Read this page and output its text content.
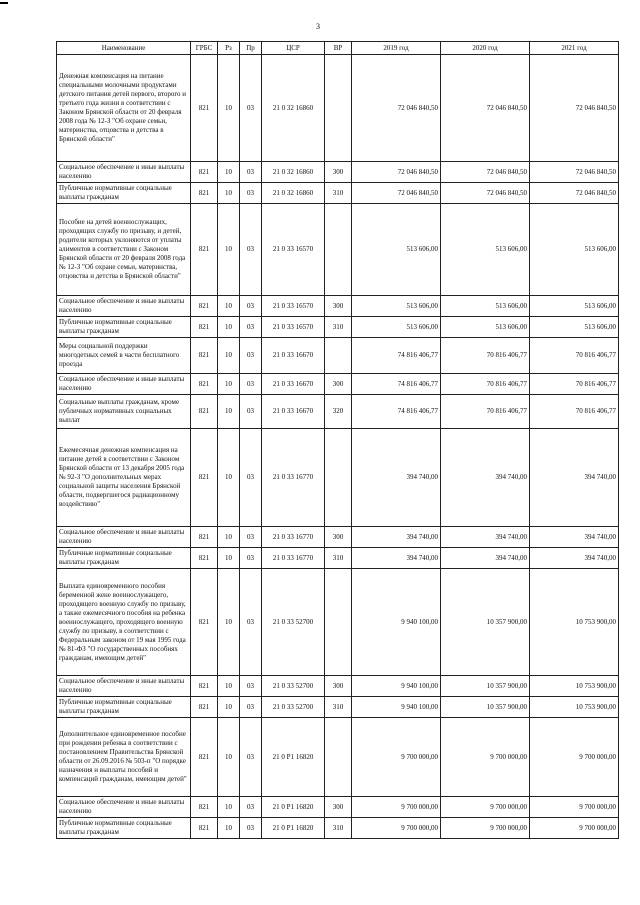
3
Наименование	ГРБС	Рз	Пр	ЦСР	ВР	2019 год	2020 год	2021 год
Денежная компенсация на питание специальными молочными продуктами детского питания детей первого, второго и третьего года жизни в соответствии с Законом Брянской области от 20 февраля 2008 года № 12-З "Об охране семьи, материнства, отцовства и детства в Брянской области"	821	10	03	21 0 32 16860		72 046 840,50	72 046 840,50	72 046 840,50
Социальное обеспечение и иные выплаты населению	821	10	03	21 0 32 16860	300	72 046 840,50	72 046 840,50	72 046 840,50
Публичные нормативные социальные выплаты гражданам	821	10	03	21 0 32 16860	310	72 046 840,50	72 046 840,50	72 046 840,50
Пособие на детей военнослужащих, проходящих службу по призыву, и детей, родители которых уклоняются от уплаты алиментов в соответствии с Законом Брянской области от 20 февраля 2008 года № 12-З "Об охране семьи, материнства, отцовства и детства в Брянской области"	821	10	03	21 0 33 16570		513 606,00	513 606,00	513 606,00
Социальное обеспечение и иные выплаты населению	821	10	03	21 0 33 16570	300	513 606,00	513 606,00	513 606,00
Публичные нормативные социальные выплаты гражданам	821	10	03	21 0 33 16570	310	513 606,00	513 606,00	513 606,00
Меры социальной поддержки многодетных семей в части бесплатного проезда	821	10	03	21 0 33 16670		74 816 406,77	70 816 406,77	70 816 406,77
Социальное обеспечение и иные выплаты населению	821	10	03	21 0 33 16670	300	74 816 406,77	70 816 406,77	70 816 406,77
Социальные выплаты гражданам, кроме публичных нормативных социальных выплат	821	10	03	21 0 33 16670	320	74 816 406,77	70 816 406,77	70 816 406,77
Ежемесячная денежная компенсация на питание детей в соответствии с Законом Брянской области от 13 декабря 2005 года № 92-З "О дополнительных мерах социальной защиты населения Брянской области, подвергшегося радиационному воздействию"	821	10	03	21 0 33 16770		394 740,00	394 740,00	394 740,00
Социальное обеспечение и иные выплаты населению	821	10	03	21 0 33 16770	300	394 740,00	394 740,00	394 740,00
Публичные нормативные социальные выплаты гражданам	821	10	03	21 0 33 16770	310	394 740,00	394 740,00	394 740,00
Выплата единовременного пособия беременной жене военнослужащего, проходящего военную службу по призыву, а также ежемесячного пособия на ребенка военнослужащего, проходящего военную службу по призыву, в соответствии с Федеральным законом от 19 мая 1995 года № 81-ФЗ "О государственных пособиях гражданам, имеющим детей"	821	10	03	21 0 33 52700		9 940 100,00	10 357 900,00	10 753 900,00
Социальное обеспечение и иные выплаты населению	821	10	03	21 0 33 52700	300	9 940 100,00	10 357 900,00	10 753 900,00
Публичные нормативные социальные выплаты гражданам	821	10	03	21 0 33 52700	310	9 940 100,00	10 357 900,00	10 753 900,00
Дополнительное единовременное пособие при рождении ребенка в соответствии с постановлением Правительства Брянской области от 26.09.2016 № 503-п "О порядке назначения и выплаты пособий и компенсаций гражданам, имеющим детей"	821	10	03	21 0 P1 16820		9 700 000,00	9 700 000,00	9 700 000,00
Социальное обеспечение и иные выплаты населению	821	10	03	21 0 P1 16820	300	9 700 000,00	9 700 000,00	9 700 000,00
Публичные нормативные социальные выплаты гражданам	821	10	03	21 0 P1 16820	310	9 700 000,00	9 700 000,00	9 700 000,00
